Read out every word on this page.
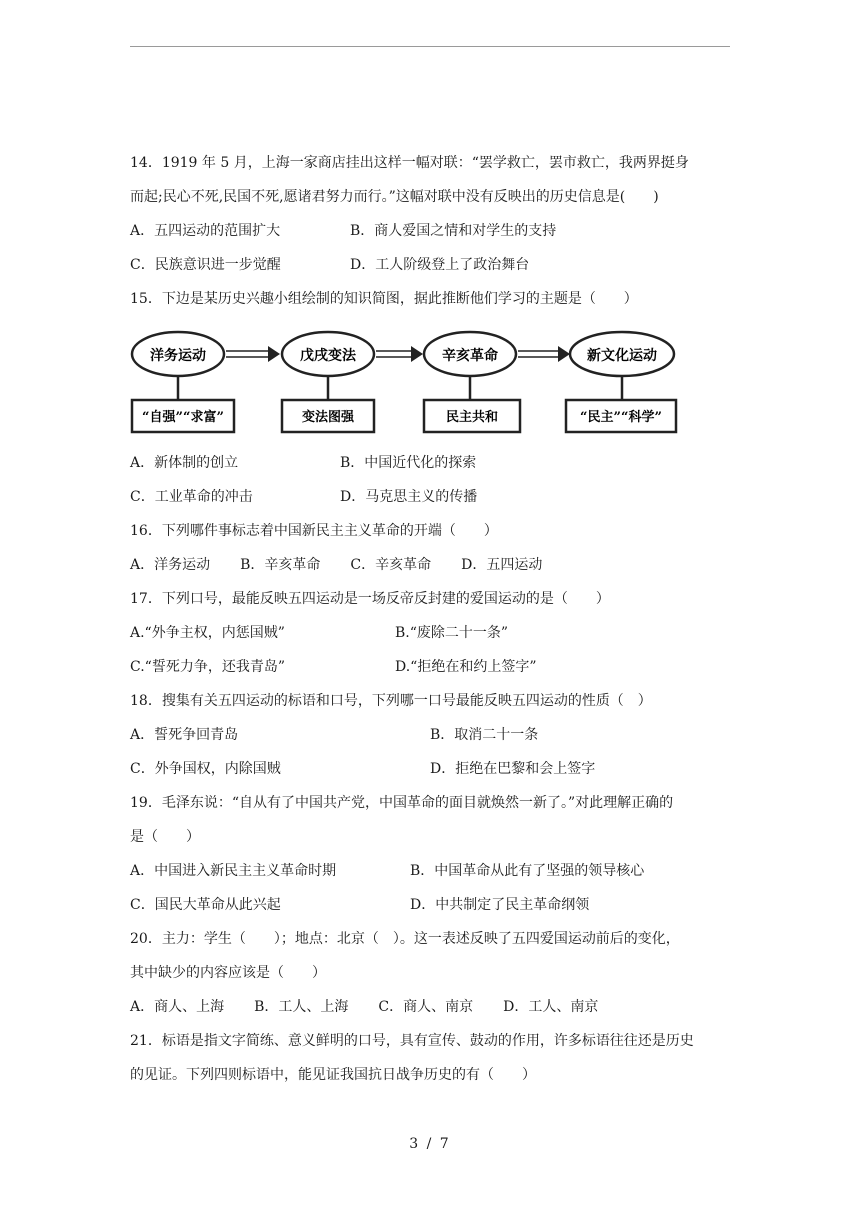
14．1919 年 5 月，上海一家商店挂出这样一幅对联：“罢学救亡，罢市救亡，我两界挺身
而起;民心不死,民国不死,愿诸君努力而行。”这幅对联中没有反映出的历史信息是(　　)
A．五四运动的范围扩大	B．商人爱国之情和对学生的支持
C．民族意识进一步觉醒	D．工人阶级登上了政治舞台
15．下边是某历史兴趣小组绘制的知识简图，据此推断他们学习的主题是（　　）
洋务运动
“自强”“求富”
戊戌变法
变法图强
辛亥革命
民主共和
新文化运动
“民主”“科学”
A．新体制的创立	B．中国近代化的探索
C．工业革命的冲击	D．马克思主义的传播
16．下列哪件事标志着中国新民主主义革命的开端（　　）
A．洋务运动 B．辛亥革命 C．辛亥革命 D．五四运动
17．下列口号，最能反映五四运动是一场反帝反封建的爱国运动的是（　　）
A.“外争主权，内惩国贼”	B.“废除二十一条”
C.“誓死力争，还我青岛”	D.“拒绝在和约上签字”
18．搜集有关五四运动的标语和口号，下列哪一口号最能反映五四运动的性质（　）
A．誓死争回青岛	B．取消二十一条
C．外争国权，内除国贼	D．拒绝在巴黎和会上签字
19．毛泽东说：“自从有了中国共产党，中国革命的面目就焕然一新了。”对此理解正确的
是（　　）
A．中国进入新民主主义革命时期	B．中国革命从此有了坚强的领导核心
C．国民大革命从此兴起	D．中共制定了民主革命纲领
20．主力：学生（　　）；地点：北京（　）。这一表述反映了五四爱国运动前后的变化，
其中缺少的内容应该是（　　）
A．商人、上海 B．工人、上海 C．商人、南京 D．工人、南京
21．标语是指文字简练、意义鲜明的口号，具有宣传、鼓动的作用，许多标语往往还是历史
的见证。下列四则标语中，能见证我国抗日战争历史的有（　　）
3 / 7
